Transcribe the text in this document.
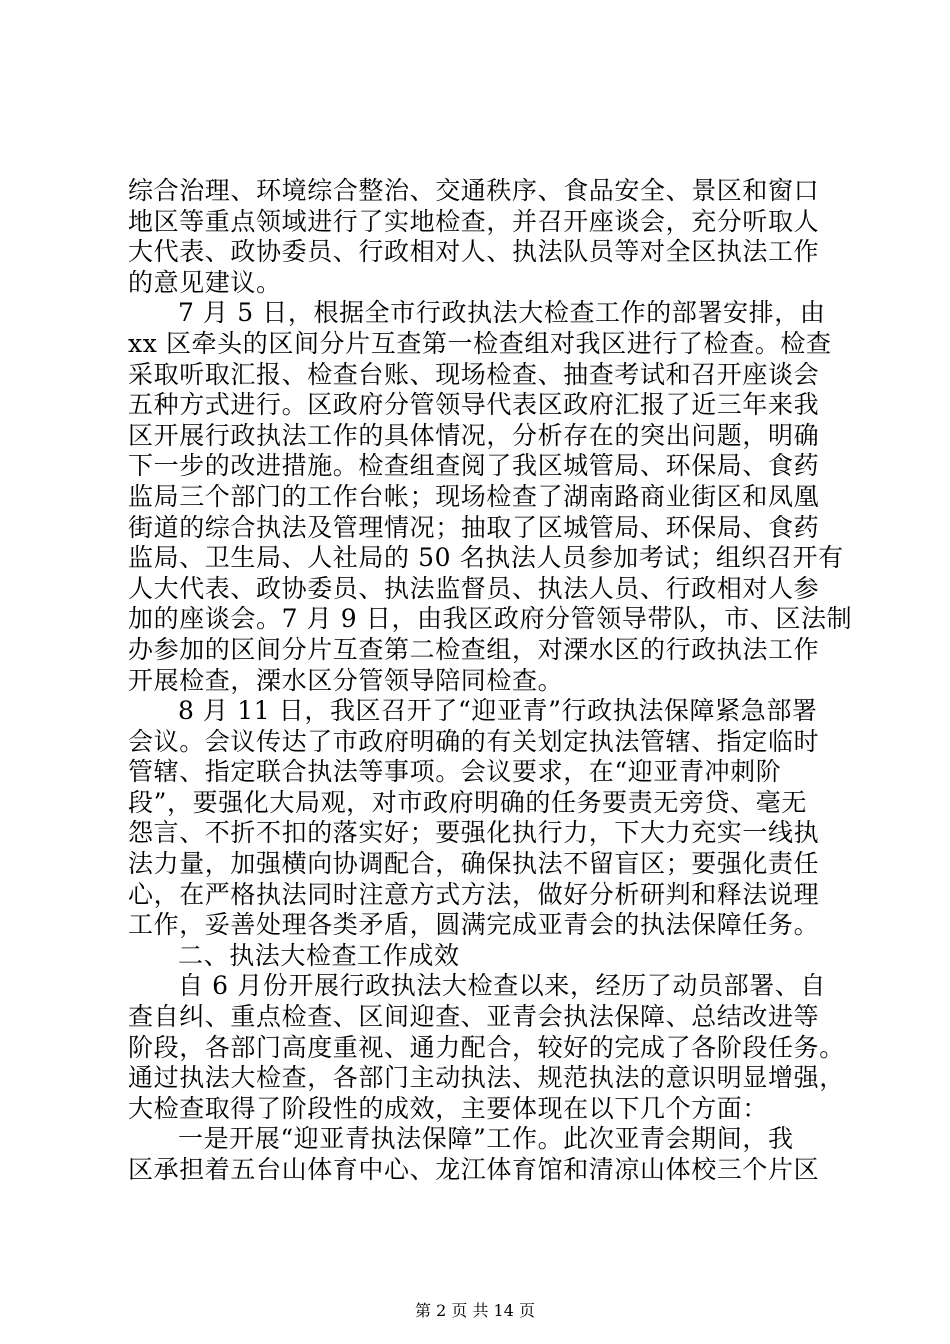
综合治理、环境综合整治、交通秩序、食品安全、景区和窗口
地区等重点领域进行了实地检查，并召开座谈会，充分听取人
大代表、政协委员、行政相对人、执法队员等对全区执法工作
的意见建议。
7 月 5 日，根据全市行政执法大检查工作的部署安排，由
xx 区牵头的区间分片互查第一检查组对我区进行了检查。检查
采取听取汇报、检查台账、现场检查、抽查考试和召开座谈会
五种方式进行。区政府分管领导代表区政府汇报了近三年来我
区开展行政执法工作的具体情况，分析存在的突出问题，明确
下一步的改进措施。检查组查阅了我区城管局、环保局、食药
监局三个部门的工作台帐；现场检查了湖南路商业街区和凤凰
街道的综合执法及管理情况；抽取了区城管局、环保局、食药
监局、卫生局、人社局的 50 名执法人员参加考试；组织召开有
人大代表、政协委员、执法监督员、执法人员、行政相对人参
加的座谈会。7 月 9 日，由我区政府分管领导带队，市、区法制
办参加的区间分片互查第二检查组，对溧水区的行政执法工作
开展检查，溧水区分管领导陪同检查。
8 月 11 日，我区召开了“迎亚青”行政执法保障紧急部署
会议。会议传达了市政府明确的有关划定执法管辖、指定临时
管辖、指定联合执法等事项。会议要求，在“迎亚青冲刺阶
段”，要强化大局观，对市政府明确的任务要责无旁贷、毫无
怨言、不折不扣的落实好；要强化执行力，下大力充实一线执
法力量，加强横向协调配合，确保执法不留盲区；要强化责任
心，在严格执法同时注意方式方法，做好分析研判和释法说理
工作，妥善处理各类矛盾，圆满完成亚青会的执法保障任务。
二、执法大检查工作成效
自 6 月份开展行政执法大检查以来，经历了动员部署、自
查自纠、重点检查、区间迎查、亚青会执法保障、总结改进等
阶段，各部门高度重视、通力配合，较好的完成了各阶段任务。
通过执法大检查，各部门主动执法、规范执法的意识明显增强，
大检查取得了阶段性的成效，主要体现在以下几个方面：
一是开展“迎亚青执法保障”工作。此次亚青会期间，我
区承担着五台山体育中心、龙江体育馆和清凉山体校三个片区
第 2 页 共 14 页
